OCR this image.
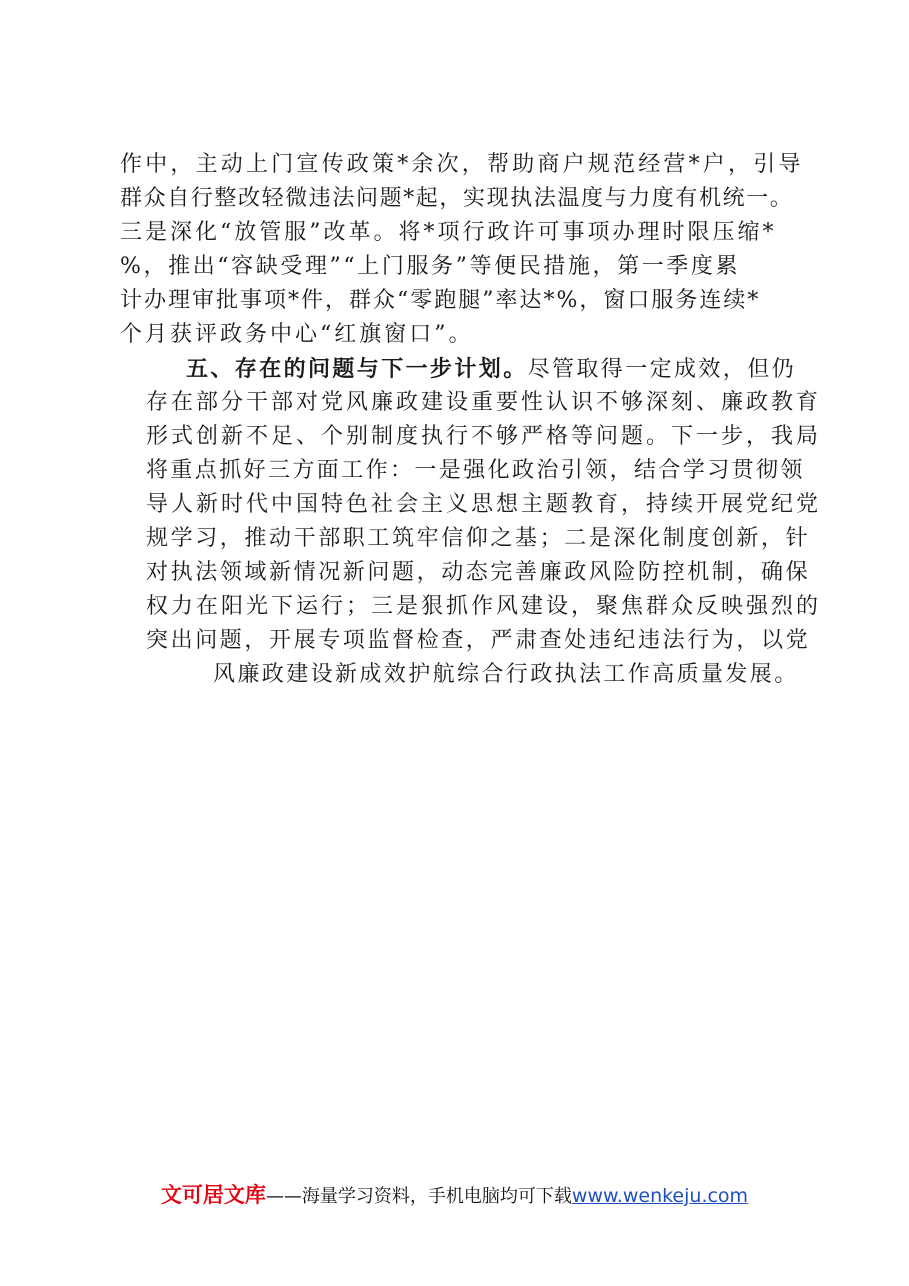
作中，主动上门宣传政策*余次，帮助商户规范经营*户，引导
群众自行整改轻微违法问题*起，实现执法温度与力度有机统一。
三是深化“放管服”改革。将*项行政许可事项办理时限压缩*
%，推出“容缺受理”“上门服务”等便民措施，第一季度累
计办理审批事项*件，群众“零跑腿”率达*%，窗口服务连续*
个月获评政务中心“红旗窗口”。
五、存在的问题与下一步计划。尽管取得一定成效，但仍
存在部分干部对党风廉政建设重要性认识不够深刻、廉政教育
形式创新不足、个别制度执行不够严格等问题。下一步，我局
将重点抓好三方面工作：一是强化政治引领，结合学习贯彻领
导人新时代中国特色社会主义思想主题教育，持续开展党纪党
规学习，推动干部职工筑牢信仰之基；二是深化制度创新，针
对执法领域新情况新问题，动态完善廉政风险防控机制，确保
权力在阳光下运行；三是狠抓作风建设，聚焦群众反映强烈的
突出问题，开展专项监督检查，严肃查处违纪违法行为，以党
风廉政建设新成效护航综合行政执法工作高质量发展。
文可居文库——海量学习资料，手机电脑均可下载www.wenkeju.com
